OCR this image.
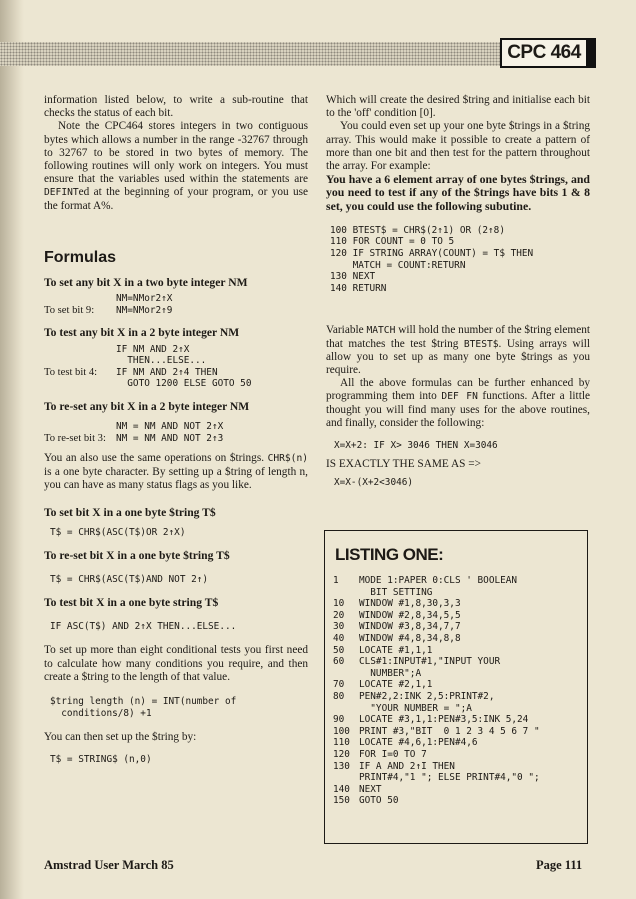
CPC 464

information listed below, to write a sub-routine that checks the status of each bit.

Note the CPC464 stores integers in two contiguous bytes which allows a number in the range -32767 through to 32767 to be stored in two bytes of memory. The following routines will only work on integers. You must ensure that the variables used within the statements are DEFINTed at the beginning of your program, or you use the format A%.

Formulas

To set any bit X in a two byte integer NM

NM=NMor2↑X
To set bit 9:	NM=NMor2↑9

To test any bit X in a 2 byte integer NM

IF NM AND 2↑X
THEN...ELSE...
To test bit 4:	IF NM AND 2↑4 THEN
GOTO 1200 ELSE GOTO 50

To re-set any bit X in a 2 byte integer NM

NM = NM AND NOT 2↑X
To re-set bit 3:	NM = NM AND NOT 2↑3

You an also use the same operations on $trings. CHR$(n) is a one byte character. By setting up a $tring of length n, you can have as many status flags as you like.

To set bit X in a one byte $tring T$

T$ = CHR$(ASC(T$)OR 2↑X)

To re-set bit X in a one byte $tring T$

T$ = CHR$(ASC(T$)AND NOT 2↑)

To test bit X in a one byte string T$

IF ASC(T$) AND 2↑X THEN...ELSE...

To set up more than eight conditional tests you first need to calculate how many conditions you require, and then create a $tring to the length of that value.

$tring length (n) = INT(number of
conditions/8) +1

You can then set up the $tring by:

T$ = STRING$ (n,0)

Which will create the desired $tring and initialise each bit to the 'off' condition [0].

You could even set up your one byte $trings in a $tring array. This would make it possible to create a pattern of more than one bit and then test for the pattern throughout the array. For example:

You have a 6 element array of one bytes $trings, and you need to test if any of the $trings have bits 1 & 8 set, you could use the following subutine.

100 BTEST$ = CHR$(2↑1) OR (2↑8)
110 FOR COUNT = 0 TO 5
120 IF STRING ARRAY(COUNT) = T$ THEN
MATCH = COUNT:RETURN
130 NEXT
140 RETURN

Variable MATCH will hold the number of the $tring element that matches the test $tring BTEST$. Using arrays will allow you to set up as many one byte $trings as you require.

All the above formulas can be further enhanced by programming them into DEF FN functions. After a little thought you will find many uses for the above routines, and finally, consider the following:

X=X+2: IF X> 3046 THEN X=3046

IS EXACTLY THE SAME AS =>

X=X-(X+2<3046)
LISTING ONE:
1	MODE 1:PAPER 0:CLS ' BOOLEAN
BIT SETTING
10	WINDOW #1,8,30,3,3
20	WINDOW #2,8,34,5,5
30	WINDOW #3,8,34,7,7
40	WINDOW #4,8,34,8,8
50	LOCATE #1,1,1
60	CLS#1:INPUT#1,"INPUT YOUR
NUMBER";A
70	LOCATE #2,1,1
80	PEN#2,2:INK 2,5:PRINT#2,
"YOUR NUMBER = ";A
90	LOCATE #3,1,1:PEN#3,5:INK 5,24
100 PRINT #3,"BIT  0 1 2 3 4 5 6 7 "
110 LOCATE #4,6,1:PEN#4,6
120 FOR I=0 TO 7
130 IF A AND 2↑I THEN
PRINT#4,"1 "; ELSE PRINT#4,"0 ";
140 NEXT
150 GOTO 50
Amstrad User March 85	Page 111
